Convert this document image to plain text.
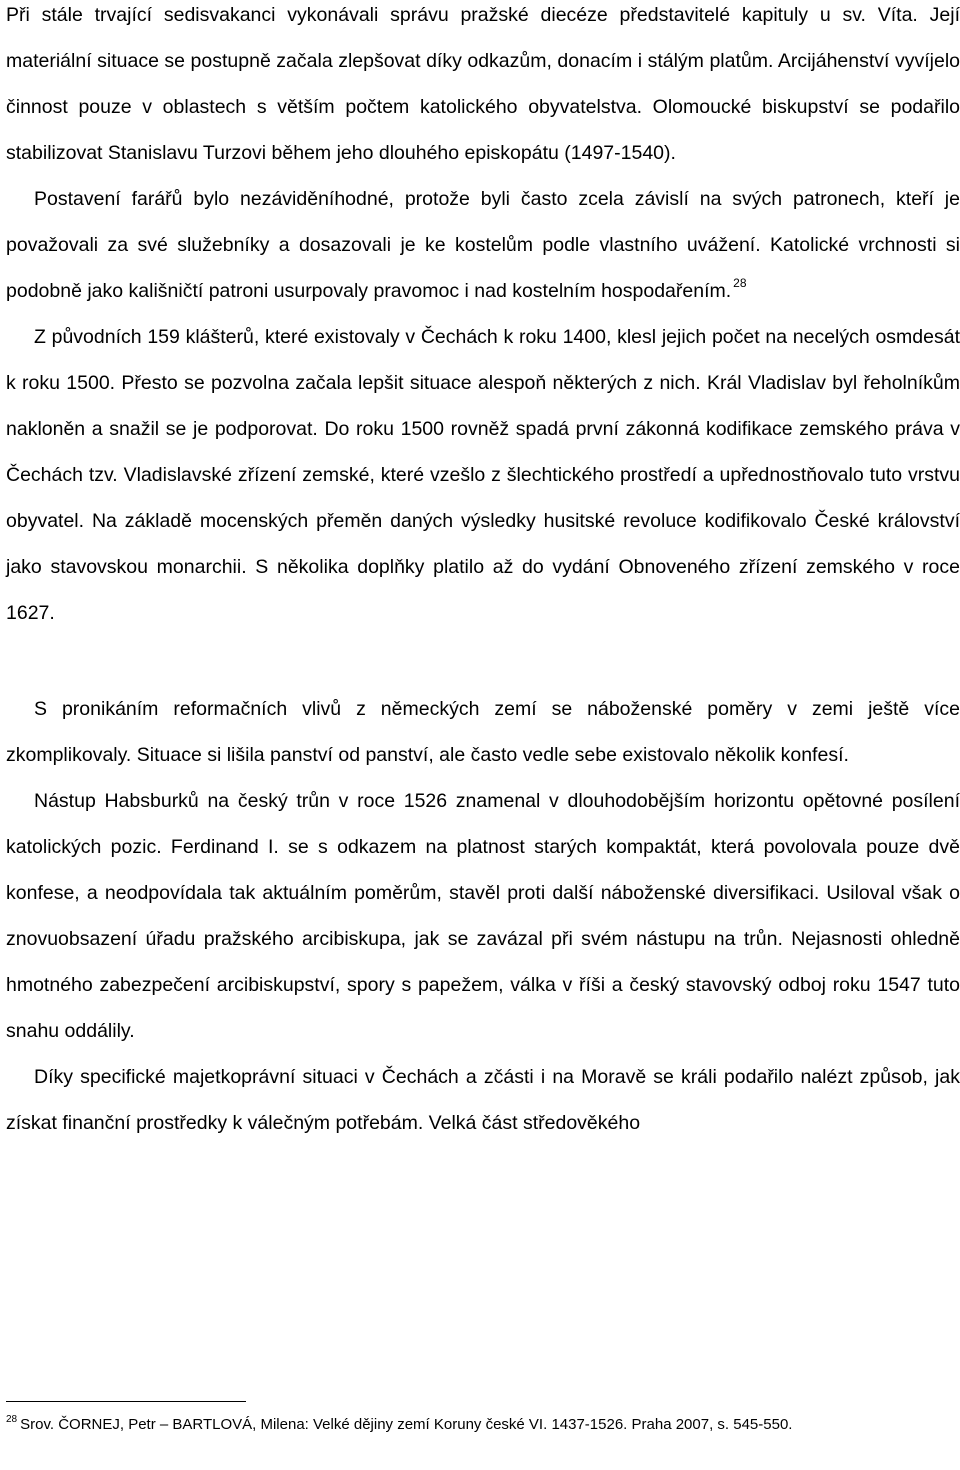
Při stále trvající sedisvakanci vykonávali správu pražské diecéze představitelé kapituly u sv. Víta. Její materiální situace se postupně začala zlepšovat díky odkazům, donacím i stálým platům. Arcijáhenství vyvíjelo činnost pouze v oblastech s větším počtem katolického obyvatelstva. Olomoucké biskupství se podařilo stabilizovat Stanislavu Turzovi během jeho dlouhého episkopátu (1497-1540).

Postavení farářů bylo nezáviděníhodné, protože byli často zcela závislí na svých patronech, kteří je považovali za své služebníky a dosazovali je ke kostelům podle vlastního uvážení. Katolické vrchnosti si podobně jako kališničtí patroni usurpovaly pravomoc i nad kostelním hospodařením. $^{28}$

Z původních 159 klášterů, které existovaly v Čechách k roku 1400, klesl jejich počet na necelých osmdesát k roku 1500. Přesto se pozvolna začala lepšit situace alespoň některých z nich. Král Vladislav byl řeholníkům nakloněn a snažil se je podporovat. Do roku 1500 rovněž spadá první zákonná kodifikace zemského práva v Čechách tzv. Vladislavské zřízení zemské, které vzešlo z šlechtického prostředí a upřednostňovalo tuto vrstvu obyvatel. Na základě mocenských přeměn daných výsledky husitské revoluce kodifikovalo České království jako stavovskou monarchii. S několika doplňky platilo až do vydání Obnoveného zřízení zemského v roce 1627.

S pronikáním reformačních vlivů z německých zemí se náboženské poměry v zemi ještě více zkomplikovaly. Situace si lišila panství od panství, ale často vedle sebe existovalo několik konfesí.

Nástup Habsburků na český trůn v roce 1526 znamenal v dlouhodobějším horizontu opětovné posílení katolických pozic. Ferdinand I. se s odkazem na platnost starých kompaktát, která povolovala pouze dvě konfese, a neodpovídala tak aktuálním poměrům, stavěl proti další náboženské diversifikaci. Usiloval však o znovuobsazení úřadu pražského arcibiskupa, jak se zavázal při svém nástupu na trůn. Nejasnosti ohledně hmotného zabezpečení arcibiskupství, spory s papežem, válka v říši a český stavovský odboj roku 1547 tuto snahu oddálily.

Díky specifické majetkoprávní situaci v Čechách a zčásti i na Moravě se králi podařilo nalézt způsob, jak získat finanční prostředky k válečným potřebám. Velká část středověkého

$^{28}$ Srov. ČORNEJ, Petr – BARTLOVÁ, Milena: Velké dějiny zemí Koruny české VI. 1437-1526. Praha 2007, s. 545-550.
